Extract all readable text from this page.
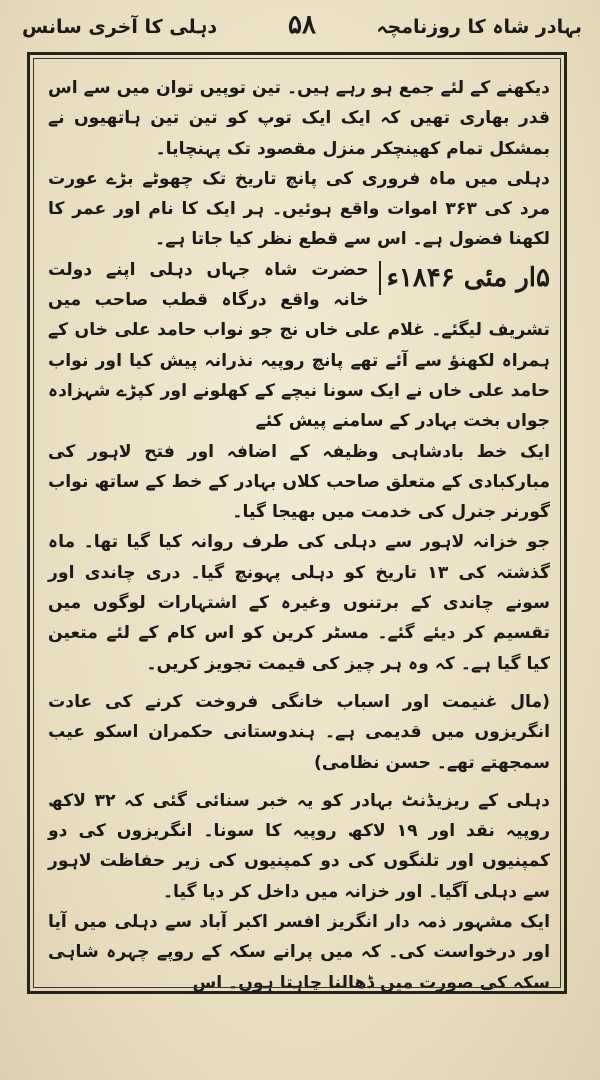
بہادر شاہ کا روزنامچہ
۵۸
دہلی کا آخری سانس

دیکھنے کے لئے جمع ہو رہے ہیں۔ تین توپیں توان میں سے اس قدر بھاری تھیں کہ ایک ایک توپ کو تین تین ہاتھیوں نے بمشکل تمام کھینچکر منزل مقصود تک پہنچایا۔

دہلی میں ماہ فروری کی پانچ تاریخ تک چھوٹے بڑے عورت مرد کی ۳۶۳ اموات واقع ہوئیں۔ ہر ایک کا نام اور عمر کا لکھنا فضول ہے۔ اس سے قطع نظر کیا جاتا ہے۔

۵ار مئی ۱۸۴۶ء

حضرت شاہ جہاں دہلی اپنے دولت خانہ واقع درگاہ قطب صاحب میں تشریف لیگئے۔ غلام علی خاں نج جو نواب حامد علی خاں کے ہمراہ لکھنؤ سے آئے تھے پانچ روپیہ نذرانہ پیش کیا اور نواب حامد علی خاں نے ایک سونا نیچے کے کھلونے اور کپڑے شہزادہ جواں بخت بہادر کے سامنے پیش کئے

ایک خط بادشاہی وظیفہ کے اضافہ اور فتح لاہور کی مبارکبادی کے متعلق صاحب کلاں بہادر کے خط کے ساتھ نواب گورنر جنرل کی خدمت میں بھیجا گیا۔

جو خزانہ لاہور سے دہلی کی طرف روانہ کیا گیا تھا۔ ماہ گذشتہ کی ۱۳ تاریخ کو دہلی پہونچ گیا۔ دری چاندی اور سونے چاندی کے برتنوں وغیرہ کے اشتہارات لوگوں میں تقسیم کر دیئے گئے۔ مسٹر کرین کو اس کام کے لئے متعین کیا گیا ہے۔ کہ وہ ہر چیز کی قیمت تجویز کریں۔

(مال غنیمت اور اسباب خانگی فروخت کرنے کی عادت انگریزوں میں قدیمی ہے۔ ہندوستانی حکمران اسکو عیب سمجھتے تھے۔ حسن نظامی)

دہلی کے ریزیڈنٹ بہادر کو یہ خبر سنائی گئی کہ ۳۲ لاکھ روپیہ نقد اور ۱۹ لاکھ روپیہ کا سونا۔ انگریزوں کی دو کمپنیوں اور تلنگوں کی دو کمپنیوں کی زیر حفاظت لاہور سے دہلی آگیا۔ اور خزانہ میں داخل کر دیا گیا۔

ایک مشہور ذمہ دار انگریز افسر اکبر آباد سے دہلی میں آیا اور درخواست کی۔ کہ میں پرانے سکہ کے روپے چہرہ شاہی سکہ کی صورت میں ڈھالنا چاہتا ہوں۔ اس
